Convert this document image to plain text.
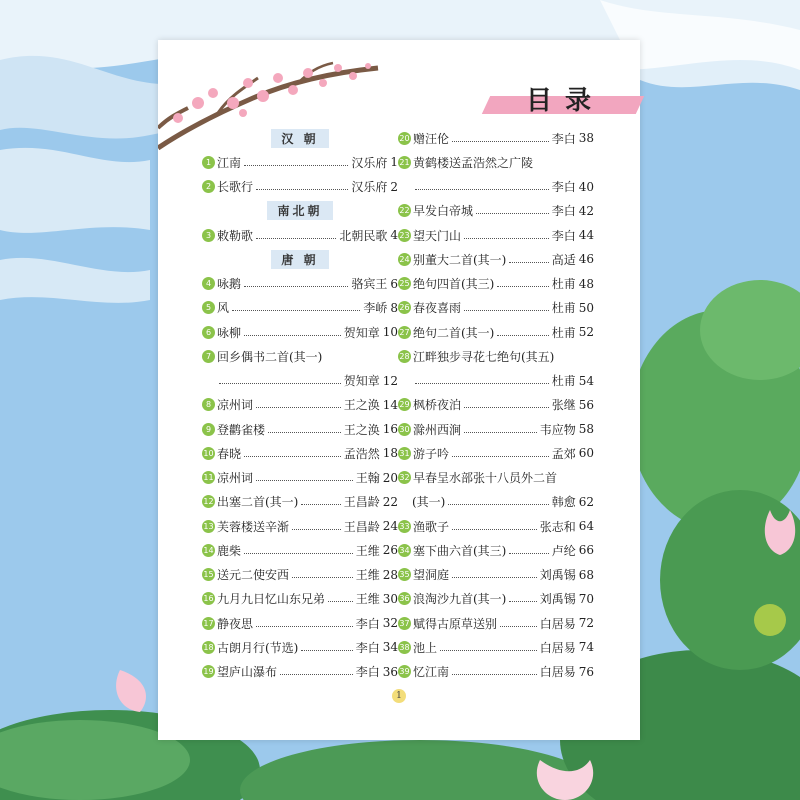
目 录
汉 朝
1 江南	汉乐府 1
2 长歌行	汉乐府 2
南北朝
3 敕勒歌	北朝民歌 4
唐 朝
4 咏鹅	骆宾王 6
5 风	李峤 8
6 咏柳	贺知章 10
7 回乡偶书二首(其一)
贺知章 12
8 凉州词	王之涣 14
9 登鹳雀楼	王之涣 16
10 春晓	孟浩然 18
11 凉州词	王翰 20
12 出塞二首(其一)	王昌龄 22
13 芙蓉楼送辛渐	王昌龄 24
14 鹿柴	王维 26
15 送元二使安西	王维 28
16 九月九日忆山东兄弟	王维 30
17 静夜思	李白 32
18 古朗月行(节选)	李白 34
19 望庐山瀑布	李白 36
20 赠汪伦	李白 38
21 黄鹤楼送孟浩然之广陵
李白 40
22 早发白帝城	李白 42
23 望天门山	李白 44
24 别董大二首(其一)	高适 46
25 绝句四首(其三)	杜甫 48
26 春夜喜雨	杜甫 50
27 绝句二首(其一)	杜甫 52
28 江畔独步寻花七绝句(其五)
杜甫 54
29 枫桥夜泊	张继 56
30 滁州西涧	韦应物 58
31 游子吟	孟郊 60
32 早春呈水部张十八员外二首
(其一)	韩愈 62
33 渔歌子	张志和 64
34 塞下曲六首(其三)	卢纶 66
35 望洞庭	刘禹锡 68
36 浪淘沙九首(其一)	刘禹锡 70
37 赋得古原草送别	白居易 72
38 池上	白居易 74
39 忆江南	白居易 76
1
